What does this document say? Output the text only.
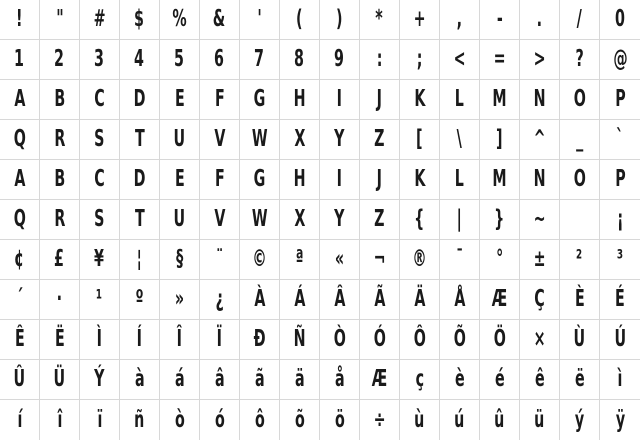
! " # $ % & ' ( ) * + , - . / 0
1 2 3 4 5 6 7 8 9 : ; < = > ? @
A B C D E F G H I J K L M N O P
Q R S T U V W X Y Z [ \ ] ^ _ `
A B C D E F G H I J K L M N O P
Q R S T U V W X Y Z { | } ~
	¡
¢ £ ¥ ¦ § ¨ © ª « ¬ ® ¯ ° ± ² ³
´ · ¹ º » ¿ À Á Â Ã Ä Å Æ Ç È É
Ê Ë Ì Í Î Ï Ð Ñ Ò Ó Ô Õ Ö × Ù Ú
Û Ü Ý à á â ã ä å Æ ç è é ê ë ì
í î ï ñ ò ó ô õ ö ÷ ù ú û ü ý ÿ
